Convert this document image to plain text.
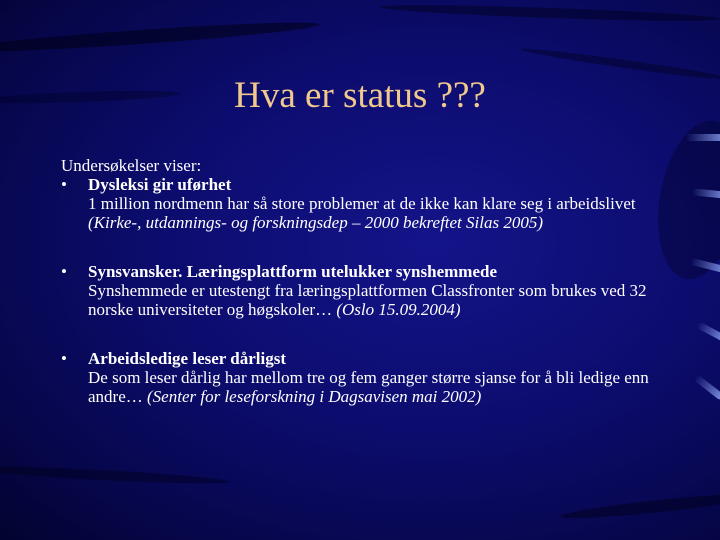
Hva er status ???

Undersøkelser viser:

•	Dysleksi gir uførhet
1 million nordmenn har så store problemer at de ikke kan klare seg i arbeidslivet (Kirke-, utdannings- og forskningsdep – 2000 bekreftet Silas 2005)
•	Synsvansker. Læringsplattform utelukker synshemmede
Synshemmede er utestengt fra læringsplattformen Classfronter som brukes ved 32 norske universiteter og høgskoler… (Oslo 15.09.2004)
•	Arbeidsledige leser dårligst
De som leser dårlig har mellom tre og fem ganger større sjanse for å bli ledige enn andre… (Senter for leseforskning i Dagsavisen mai 2002)
